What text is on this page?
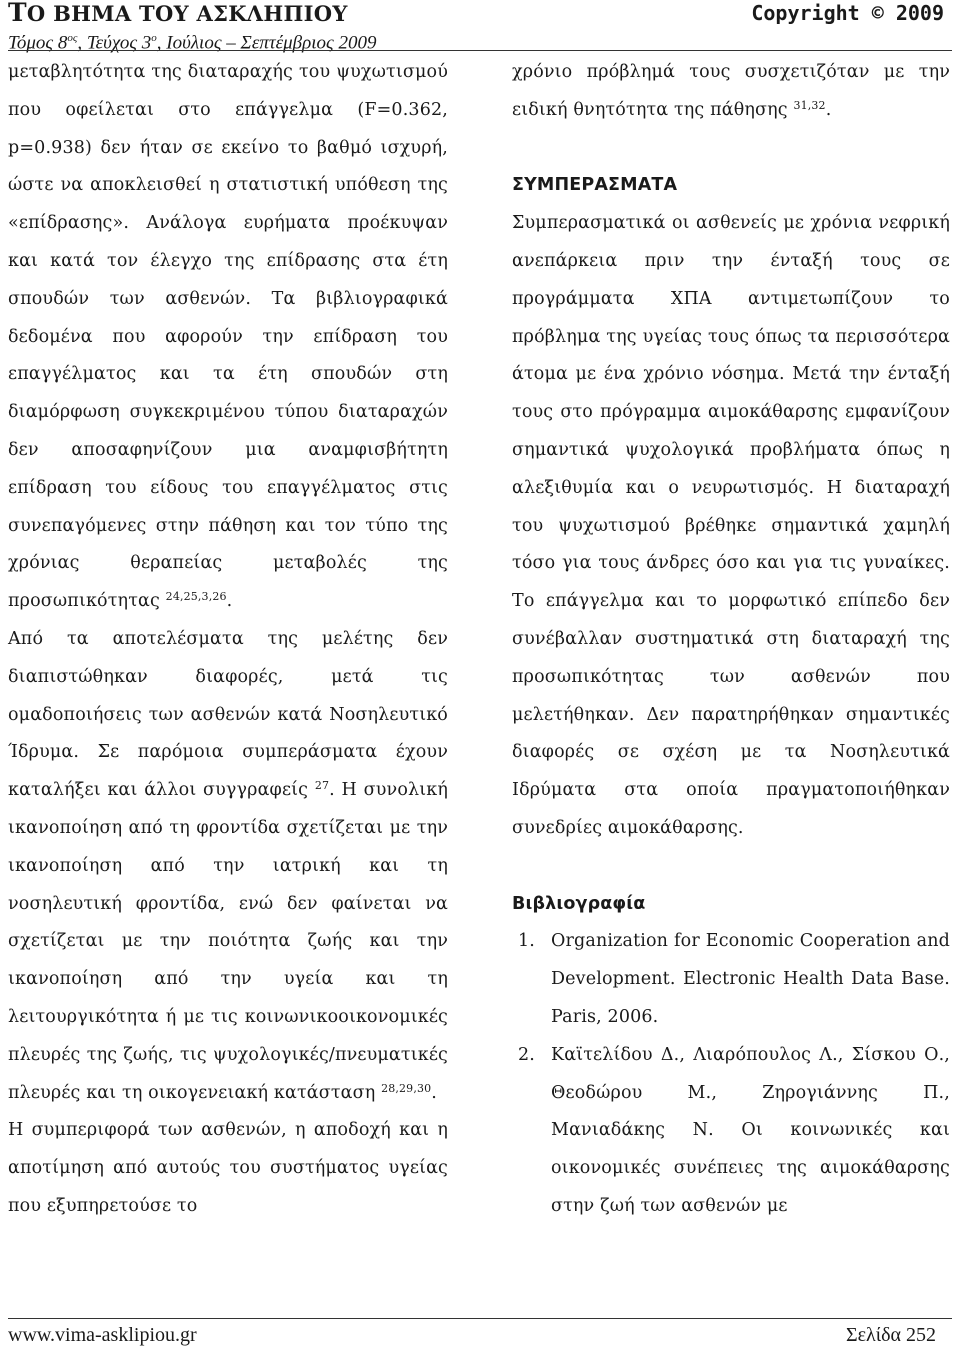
ΤΟ ΒΗΜΑ ΤΟΥ ΑΣΚΛΗΠΙΟΥ
Τόμος $8^{o\varsigma}$, Τεύχος $3^o$, Ιούλιος – Σεπτέμβριος 2009
Copyright © 2009

μεταβλητότητα της διαταραχής του ψυχωτισμού που οφείλεται στο επάγγελμα (F=0.362, p=0.938) δεν ήταν σε εκείνο το βαθμό ισχυρή, ώστε να αποκλεισθεί η στατιστική υπόθεση της «επίδρασης». Ανάλογα ευρήματα προέκυψαν και κατά τον έλεγχο της επίδρασης στα έτη σπουδών των ασθενών. Τα βιβλιογραφικά δεδομένα που αφορούν την επίδραση του επαγγέλματος και τα έτη σπουδών στη διαμόρφωση συγκεκριμένου τύπου διαταραχών δεν αποσαφηνίζουν μια αναμφισβήτητη επίδραση του είδους του επαγγέλματος στις συνεπαγόμενες στην πάθηση και τον τύπο της χρόνιας θεραπείας μεταβολές της προσωπικότητας $^{24,25,3,26}$.

Από τα αποτελέσματα της μελέτης δεν διαπιστώθηκαν διαφορές, μετά τις ομαδοποιήσεις των ασθενών κατά Νοσηλευτικό Ίδρυμα. Σε παρόμοια συμπεράσματα έχουν καταλήξει και άλλοι συγγραφείς $^{27}$. Η συνολική ικανοποίηση από τη φροντίδα σχετίζεται με την ικανοποίηση από την ιατρική και τη νοσηλευτική φροντίδα, ενώ δεν φαίνεται να σχετίζεται με την ποιότητα ζωής και την ικανοποίηση από την υγεία και τη λειτουργικότητα ή με τις κοινωνικοοικονομικές πλευρές της ζωής, τις ψυχολογικές/πνευματικές πλευρές και τη οικογενειακή κατάσταση $^{28,29,30}$.

Η συμπεριφορά των ασθενών, η αποδοχή και η αποτίμηση από αυτούς του συστήματος υγείας που εξυπηρετούσε το

χρόνιο πρόβλημά τους συσχετιζόταν με την ειδική θνητότητα της πάθησης $^{31,32}$.

ΣΥΜΠΕΡΑΣΜΑΤΑ

Συμπερασματικά οι ασθενείς με χρόνια νεφρική ανεπάρκεια πριν την ένταξή τους σε προγράμματα ΧΠΑ αντιμετωπίζουν το πρόβλημα της υγείας τους όπως τα περισσότερα άτομα με ένα χρόνιο νόσημα. Μετά την ένταξή τους στο πρόγραμμα αιμοκάθαρσης εμφανίζουν σημαντικά ψυχολογικά προβλήματα όπως η αλεξιθυμία και ο νευρωτισμός. Η διαταραχή του ψυχωτισμού βρέθηκε σημαντικά χαμηλή τόσο για τους άνδρες όσο και για τις γυναίκες. Το επάγγελμα και το μορφωτικό επίπεδο δεν συνέβαλλαν συστηματικά στη διαταραχή της προσωπικότητας των ασθενών που μελετήθηκαν. Δεν παρατηρήθηκαν σημαντικές διαφορές σε σχέση με τα Νοσηλευτικά Ιδρύματα στα οποία πραγματοποιήθηκαν συνεδρίες αιμοκάθαρσης.

Βιβλιογραφία

1. Organization for Economic Cooperation and Development. Electronic Health Data Base. Paris, 2006.
2. Καϊτελίδου Δ., Λιαρόπουλος Λ., Σίσκου Ο., Θεοδώρου Μ., Ζηρογιάννης Π., Μανιαδάκης Ν. Οι κοινωνικές και οικονομικές συνέπειες της αιμοκάθαρσης στην ζωή των ασθενών με
www.vima-asklipiou.gr	Σελίδα 252
